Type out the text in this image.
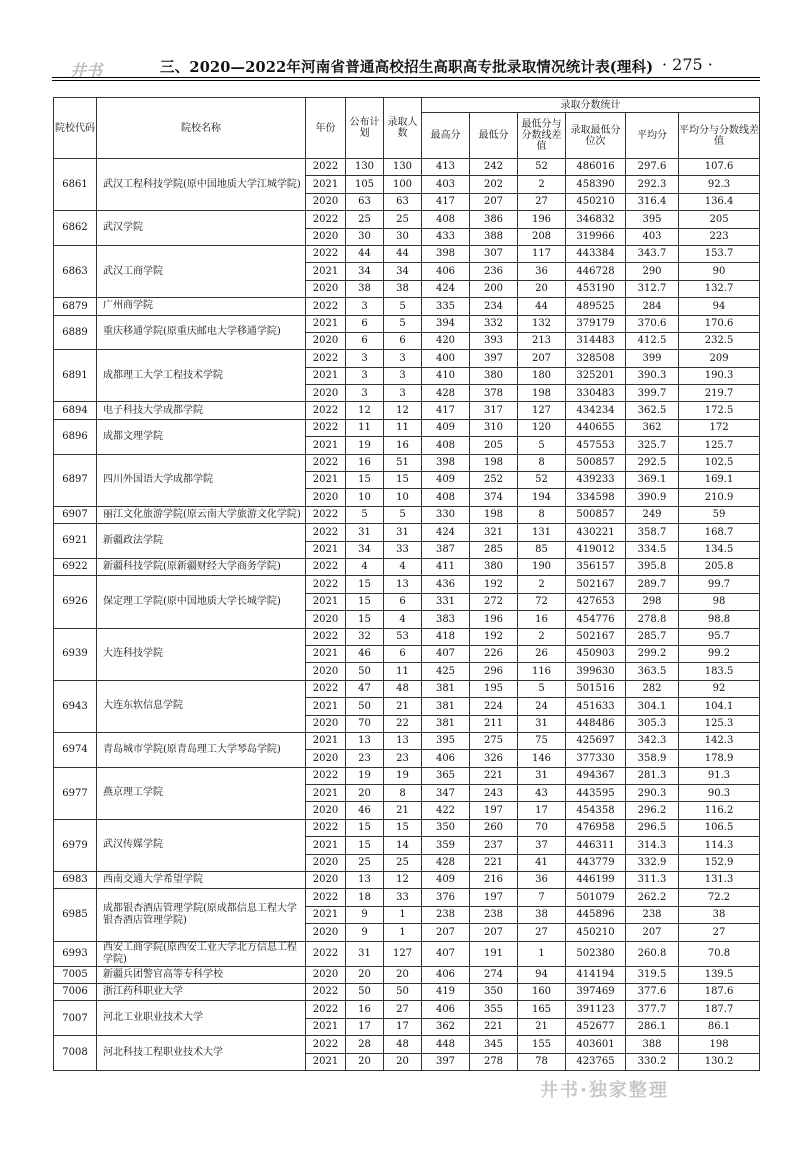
井书	三、2020—2022年河南省普通高校招生高职高专批录取情况统计表(理科) · 275 ·
院校代码	院校名称	年份	公布计划	录取人数	录取分数统计					
					最高分	最低分	最低分与分数线差值	录取最低分位次	平均分	平均分与分数线差值
6861	武汉工程科技学院(原中国地质大学江城学院)	2022	130	130	413	242	52	486016	297.6	107.6
		2021	105	100	403	202	2	458390	292.3	92.3
		2020	63	63	417	207	27	450210	316.4	136.4
6862	武汉学院	2022	25	25	408	386	196	346832	395	205
		2020	30	30	433	388	208	319966	403	223
6863	武汉工商学院	2022	44	44	398	307	117	443384	343.7	153.7
		2021	34	34	406	236	36	446728	290	90
		2020	38	38	424	200	20	453190	312.7	132.7
6879	广州商学院	2022	3	5	335	234	44	489525	284	94
6889	重庆移通学院(原重庆邮电大学移通学院)	2021	6	5	394	332	132	379179	370.6	170.6
		2020	6	6	420	393	213	314483	412.5	232.5
6891	成都理工大学工程技术学院	2022	3	3	400	397	207	328508	399	209
		2021	3	3	410	380	180	325201	390.3	190.3
		2020	3	3	428	378	198	330483	399.7	219.7
6894	电子科技大学成都学院	2022	12	12	417	317	127	434234	362.5	172.5
6896	成都文理学院	2022	11	11	409	310	120	440655	362	172
		2021	19	16	408	205	5	457553	325.7	125.7
6897	四川外国语大学成都学院	2022	16	51	398	198	8	500857	292.5	102.5
		2021	15	15	409	252	52	439233	369.1	169.1
		2020	10	10	408	374	194	334598	390.9	210.9
6907	丽江文化旅游学院(原云南大学旅游文化学院)	2022	5	5	330	198	8	500857	249	59
6921	新疆政法学院	2022	31	31	424	321	131	430221	358.7	168.7
		2021	34	33	387	285	85	419012	334.5	134.5
6922	新疆科技学院(原新疆财经大学商务学院)	2022	4	4	411	380	190	356157	395.8	205.8
6926	保定理工学院(原中国地质大学长城学院)	2022	15	13	436	192	2	502167	289.7	99.7
		2021	15	6	331	272	72	427653	298	98
		2020	15	4	383	196	16	454776	278.8	98.8
6939	大连科技学院	2022	32	53	418	192	2	502167	285.7	95.7
		2021	46	6	407	226	26	450903	299.2	99.2
		2020	50	11	425	296	116	399630	363.5	183.5
6943	大连东软信息学院	2022	47	48	381	195	5	501516	282	92
		2021	50	21	381	224	24	451633	304.1	104.1
		2020	70	22	381	211	31	448486	305.3	125.3
6974	青岛城市学院(原青岛理工大学琴岛学院)	2021	13	13	395	275	75	425697	342.3	142.3
		2020	23	23	406	326	146	377330	358.9	178.9
6977	燕京理工学院	2022	19	19	365	221	31	494367	281.3	91.3
		2021	20	8	347	243	43	443595	290.3	90.3
		2020	46	21	422	197	17	454358	296.2	116.2
6979	武汉传媒学院	2022	15	15	350	260	70	476958	296.5	106.5
		2021	15	14	359	237	37	446311	314.3	114.3
		2020	25	25	428	221	41	443779	332.9	152.9
6983	西南交通大学希望学院	2020	13	12	409	216	36	446199	311.3	131.3
6985	成都银杏酒店管理学院(原成都信息工程大学银杏酒店管理学院)	2022	18	33	376	197	7	501079	262.2	72.2
		2021	9	1	238	238	38	445896	238	38
		2020	9	1	207	207	27	450210	207	27
6993	西安工商学院(原西安工业大学北方信息工程学院)	2022	31	127	407	191	1	502380	260.8	70.8
7005	新疆兵团警官高等专科学校	2020	20	20	406	274	94	414194	319.5	139.5
7006	浙江药科职业大学	2022	50	50	419	350	160	397469	377.6	187.6
7007	河北工业职业技术大学	2022	16	27	406	355	165	391123	377.7	187.7
		2021	17	17	362	221	21	452677	286.1	86.1
7008	河北科技工程职业技术大学	2022	28	48	448	345	155	403601	388	198
		2021	20	20	397	278	78	423765	330.2	130.2
井书·独家整理
